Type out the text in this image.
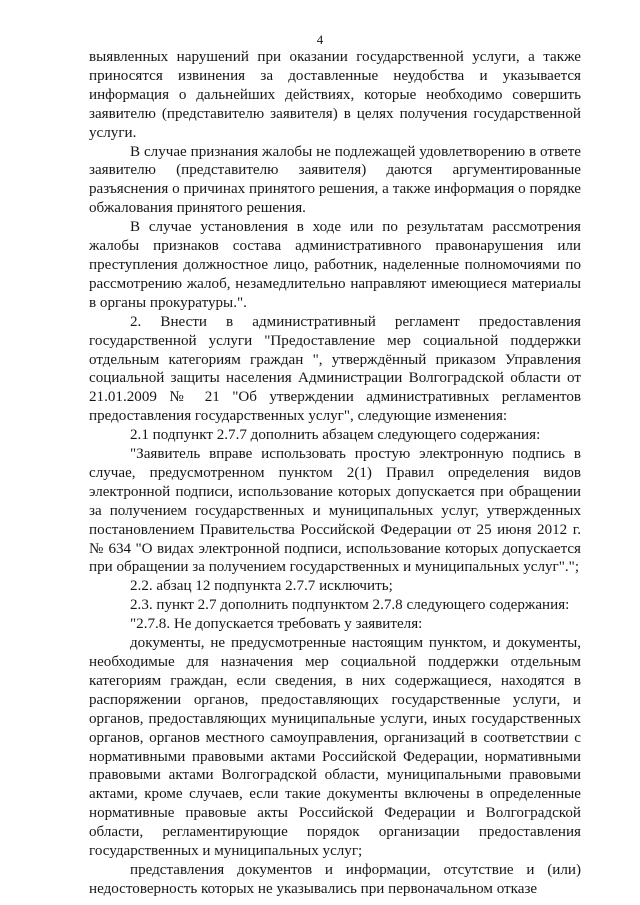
4

выявленных нарушений при оказании государственной услуги, а также приносятся извинения за доставленные неудобства и указывается информация о дальнейших действиях, которые необходимо совершить заявителю (представителю заявителя) в целях получения государственной услуги.

В случае признания жалобы не подлежащей удовлетворению в ответе заявителю (представителю заявителя) даются аргументированные разъяснения о причинах принятого решения, а также информация о порядке обжалования принятого решения.

В случае установления в ходе или по результатам рассмотрения жалобы признаков состава административного правонарушения или преступления должностное лицо, работник, наделенные полномочиями по рассмотрению жалоб, незамедлительно направляют имеющиеся материалы в органы прокуратуры.".

2. Внести в административный регламент предоставления государственной услуги "Предоставление мер социальной поддержки отдельным категориям граждан ", утверждённый приказом Управления социальной защиты населения Администрации Волгоградской области от 21.01.2009 № 21 "Об утверждении административных регламентов предоставления государственных услуг", следующие изменения:

2.1 подпункт 2.7.7 дополнить абзацем следующего содержания:

"Заявитель вправе использовать простую электронную подпись в случае, предусмотренном пунктом 2(1) Правил определения видов электронной подписи, использование которых допускается при обращении за получением государственных и муниципальных услуг, утвержденных постановлением Правительства Российской Федерации от 25 июня 2012 г. № 634 "О видах электронной подписи, использование которых допускается при обращении за получением государственных и муниципальных услуг".";

2.2. абзац 12 подпункта 2.7.7 исключить;

2.3. пункт 2.7 дополнить подпунктом 2.7.8 следующего содержания:

"2.7.8. Не допускается требовать у заявителя:

документы, не предусмотренные настоящим пунктом, и документы, необходимые для назначения мер социальной поддержки отдельным категориям граждан, если сведения, в них содержащиеся, находятся в распоряжении органов, предоставляющих государственные услуги, и органов, предоставляющих муниципальные услуги, иных государственных органов, органов местного самоуправления, организаций в соответствии с нормативными правовыми актами Российской Федерации, нормативными правовыми актами Волгоградской области, муниципальными правовыми актами, кроме случаев, если такие документы включены в определенные нормативные правовые акты Российской Федерации и Волгоградской области, регламентирующие порядок организации предоставления государственных и муниципальных услуг;

представления документов и информации, отсутствие и (или) недостоверность которых не указывались при первоначальном отказе
